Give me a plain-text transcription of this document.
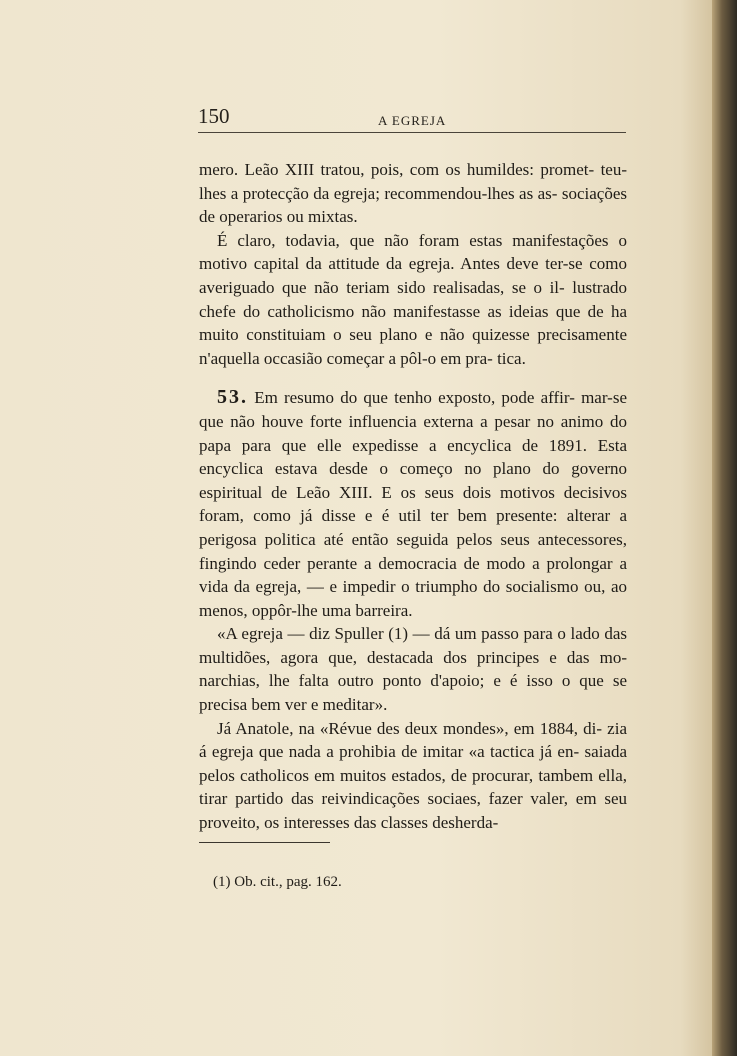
150	A EGREJA

mero. Leão XIII tratou, pois, com os humildes: promet- teu-lhes a protecção da egreja; recommendou-lhes as as- sociações de operarios ou mixtas.

É claro, todavia, que não foram estas manifestações o motivo capital da attitude da egreja. Antes deve ter-se como averiguado que não teriam sido realisadas, se o il- lustrado chefe do catholicismo não manifestasse as ideias que de ha muito constituiam o seu plano e não quizesse precisamente n'aquella occasião começar a pôl-o em pra- tica.

53. Em resumo do que tenho exposto, pode affir- mar-se que não houve forte influencia externa a pesar no animo do papa para que elle expedisse a encyclica de 1891. Esta encyclica estava desde o começo no plano do governo espiritual de Leão XIII. E os seus dois motivos decisivos foram, como já disse e é util ter bem presente: alterar a perigosa politica até então seguida pelos seus antecessores, fingindo ceder perante a democracia de modo a prolongar a vida da egreja, — e impedir o triumpho do socialismo ou, ao menos, oppôr-lhe uma barreira.

«A egreja — diz Spuller (1) — dá um passo para o lado das multidões, agora que, destacada dos principes e das mo- narchias, lhe falta outro ponto d'apoio; e é isso o que se precisa bem ver e meditar».

Já Anatole, na «Révue des deux mondes», em 1884, di- zia á egreja que nada a prohibia de imitar «a tactica já en- saiada pelos catholicos em muitos estados, de procurar, tambem ella, tirar partido das reivindicações sociaes, fazer valer, em seu proveito, os interesses das classes desherda-

(1) Ob. cit., pag. 162.
